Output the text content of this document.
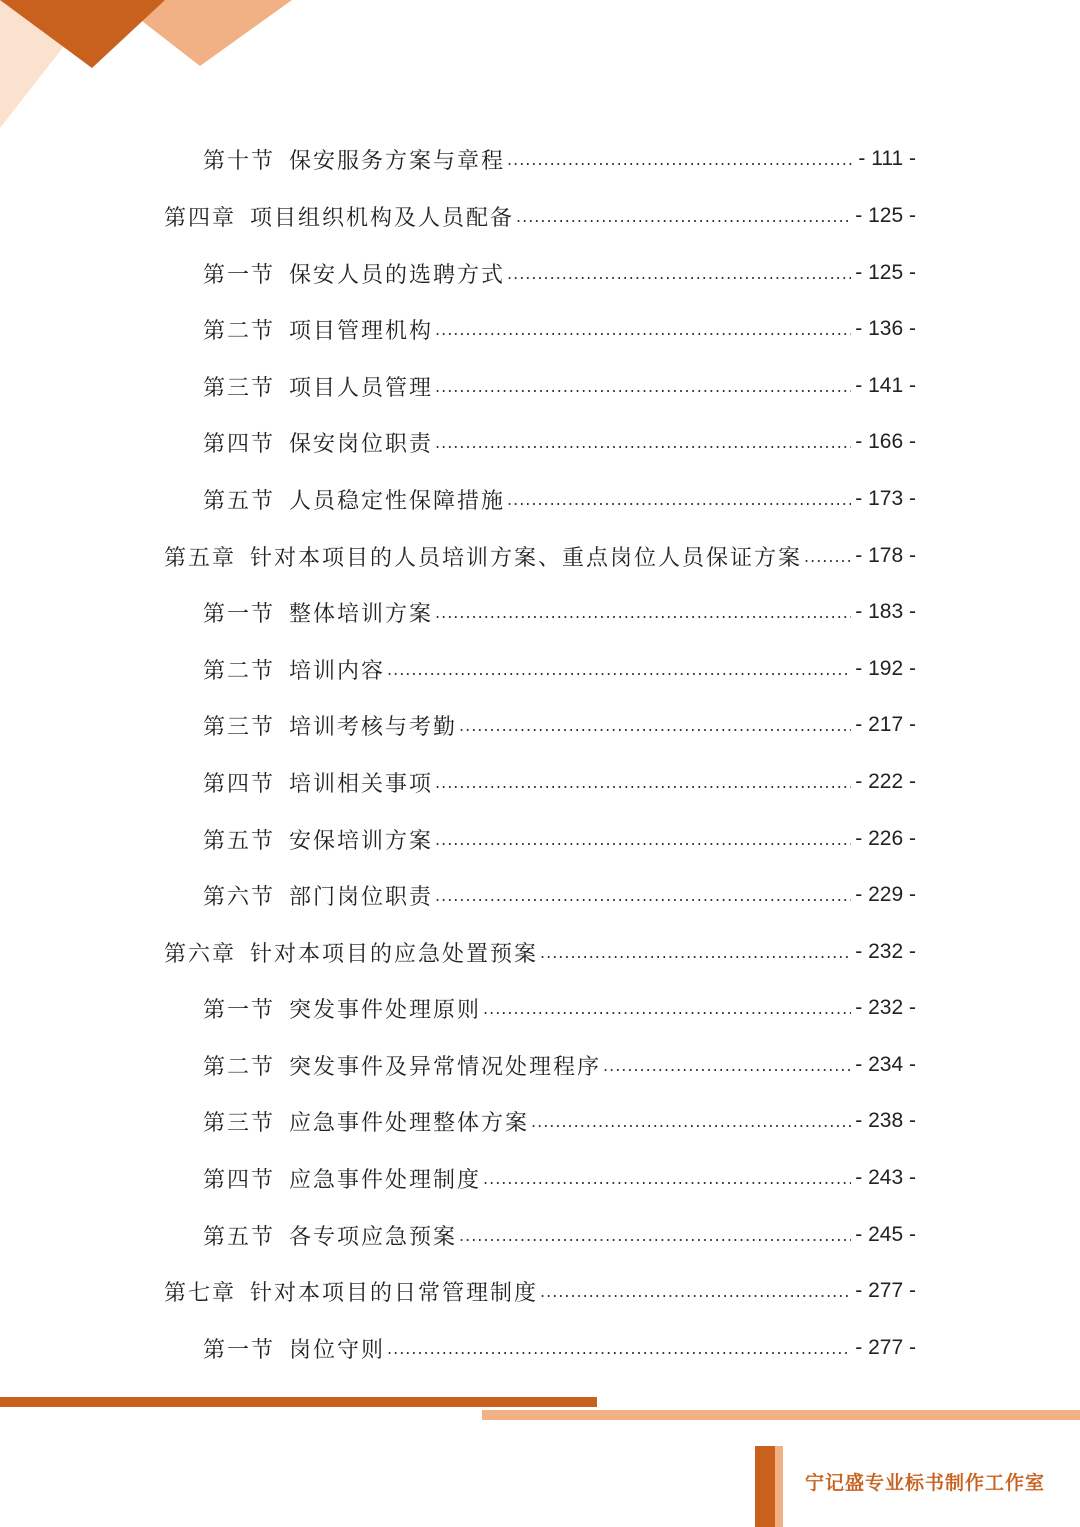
第十节 保安服务方案与章程 .....	- 111 -
第四章 项目组织机构及人员配备 .....	- 125 -
第一节 保安人员的选聘方式 .....	- 125 -
第二节 项目管理机构 .....	- 136 -
第三节 项目人员管理 .....	- 141 -
第四节 保安岗位职责 .....	- 166 -
第五节 人员稳定性保障措施 .....	- 173 -
第五章 针对本项目的人员培训方案、重点岗位人员保证方案 .....	- 178 -
第一节 整体培训方案 .....	- 183 -
第二节 培训内容 .....	- 192 -
第三节 培训考核与考勤 .....	- 217 -
第四节 培训相关事项 .....	- 222 -
第五节 安保培训方案 .....	- 226 -
第六节 部门岗位职责 .....	- 229 -
第六章 针对本项目的应急处置预案 .....	- 232 -
第一节 突发事件处理原则 .....	- 232 -
第二节 突发事件及异常情况处理程序 .....	- 234 -
第三节 应急事件处理整体方案 .....	- 238 -
第四节 应急事件处理制度 .....	- 243 -
第五节 各专项应急预案 .....	- 245 -
第七章 针对本项目的日常管理制度 .....	- 277 -
第一节 岗位守则 .....	- 277 -
宁记盛专业标书制作工作室
